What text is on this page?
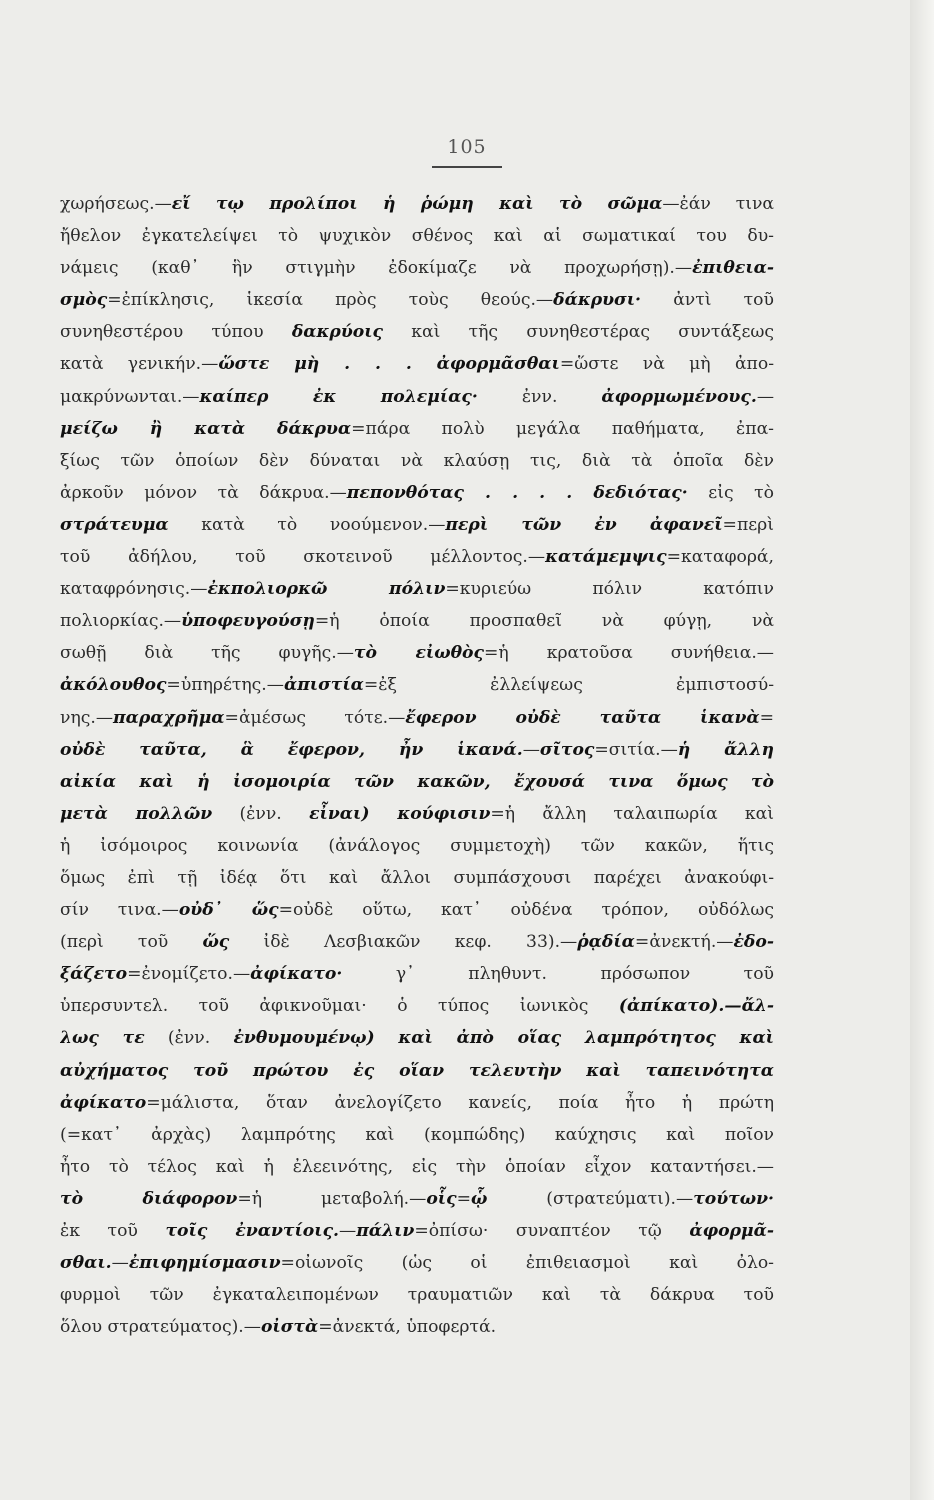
105
χωρήσεως.—εἴ τῳ προλίποι ἡ ῥώμη καὶ τὸ σῶμα—ἐάν τινα
ἤθελον ἐγκατελείψει τὸ ψυχικὸν σθένος καὶ αἱ σωματικαί του δυ-
νάμεις (καθ᾽ ἣν στιγμὴν ἐδοκίμαζε νὰ προχωρήσῃ).—ἐπιθεια-
σμὸς=ἐπίκλησις, ἱκεσία πρὸς τοὺς θεούς.—δάκρυσι· ἀντὶ τοῦ
συνηθεστέρου τύπου δακρύοις καὶ τῆς συνηθεστέρας συντάξεως
κατὰ γενικήν.—ὥστε μὴ . . . ἀφορμᾶσθαι=ὥστε νὰ μὴ ἀπο-
μακρύνωνται.—καίπερ ἐκ πολεμίας· ἐνν. ἀφορμωμένους.—
μείζω ἢ κατὰ δάκρυα=πάρα πολὺ μεγάλα παθήματα, ἐπα-
ξίως τῶν ὁποίων δὲν δύναται νὰ κλαύσῃ τις, διὰ τὰ ὁποῖα δὲν
ἀρκοῦν μόνον τὰ δάκρυα.—πεπονθότας . . . . δεδιότας· εἰς τὸ
στράτευμα κατὰ τὸ νοούμενον.—περὶ τῶν ἐν ἀφανεῖ=περὶ
τοῦ ἀδήλου, τοῦ σκοτεινοῦ μέλλοντος.—κατάμεμψις=καταφορά,
καταφρόνησις.—ἐκπολιορκῶ πόλιν=κυριεύω πόλιν κατόπιν
πολιορκίας.—ὑποφευγούσῃ=ἡ ὁποία προσπαθεῖ νὰ φύγῃ, νὰ
σωθῇ διὰ τῆς φυγῆς.—τὸ εἰωθὸς=ἡ κρατοῦσα συνήθεια.—
ἀκόλουθος=ὑπηρέτης.—ἀπιστία=ἐξ ἐλλείψεως ἐμπιστοσύ-
νης.—παραχρῆμα=ἀμέσως τότε.—ἔφερον οὐδὲ ταῦτα ἱκανὰ=
οὐδὲ ταῦτα, ἃ ἔφερον, ἦν ἱκανά.—σῖτος=σιτία.—ἡ ἄλλη
αἰκία καὶ ἡ ἰσομοιρία τῶν κακῶν, ἔχουσά τινα ὅμως τὸ
μετὰ πολλῶν (ἐνν. εἶναι) κούφισιν=ἡ ἄλλη ταλαιπωρία καὶ
ἡ ἰσόμοιρος κοινωνία (ἀνάλογος συμμετοχὴ) τῶν κακῶν, ἥτις
ὅμως ἐπὶ τῇ ἰδέᾳ ὅτι καὶ ἄλλοι συμπάσχουσι παρέχει ἀνακούφι-
σίν τινα.—οὐδ᾽ ὥς=οὐδὲ οὕτω, κατ᾽ οὐδένα τρόπον, οὐδόλως
(περὶ τοῦ ὥς ἰδὲ Λεσβιακῶν κεφ. 33).—ῥᾳδία=ἀνεκτή.—ἐδο-
ξάζετο=ἐνομίζετο.—ἀφίκατο· γ᾽ πληθυντ. πρόσωπον τοῦ
ὑπερσυντελ. τοῦ ἀφικνοῦμαι· ὁ τύπος ἰωνικὸς (ἀπίκατο).—ἄλ-
λως τε (ἐνν. ἐνθυμουμένῳ) καὶ ἀπὸ οἵας λαμπρότητος καὶ
αὐχήματος τοῦ πρώτου ἐς οἵαν τελευτὴν καὶ ταπεινότητα
ἀφίκατο=μάλιστα, ὅταν ἀνελογίζετο κανείς, ποία ἦτο ἡ πρώτη
(=κατ᾽ ἀρχὰς) λαμπρότης καὶ (κομπώδης) καύχησις καὶ ποῖον
ἦτο τὸ τέλος καὶ ἡ ἐλεεινότης, εἰς τὴν ὁποίαν εἶχον καταντήσει.—
τὸ διάφορον=ἡ μεταβολή.—οἷς=ᾧ (στρατεύματι).—τούτων·
ἐκ τοῦ τοῖς ἐναντίοις.—πάλιν=ὀπίσω· συναπτέον τῷ ἀφορμᾶ-
σθαι.—ἐπιφημίσμασιν=οἰωνοῖς (ὡς οἱ ἐπιθειασμοὶ καὶ ὀλο-
φυρμοὶ τῶν ἐγκαταλειπομένων τραυματιῶν καὶ τὰ δάκρυα τοῦ
ὅλου στρατεύματος).—οἰστὰ=ἀνεκτά, ὑποφερτά.
